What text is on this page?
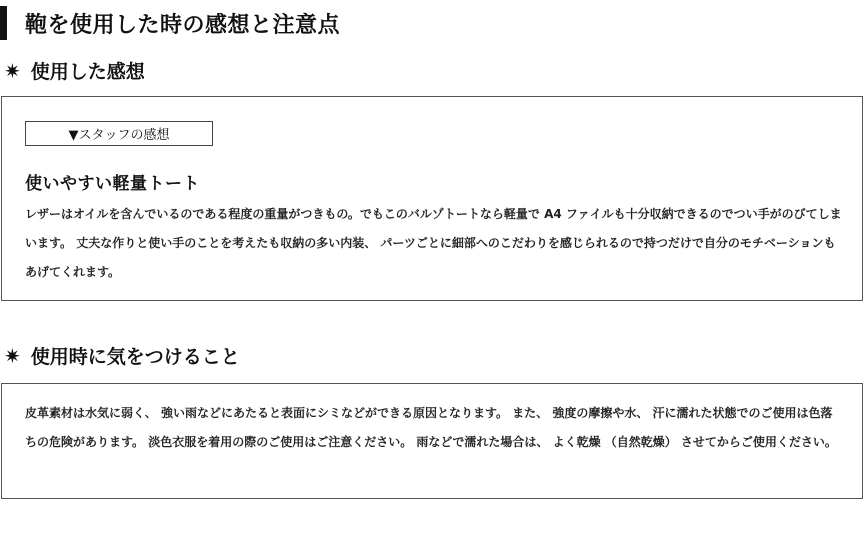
鞄を使用した時の感想と注意点
✷ 使用した感想
▼スタッフの感想
使いやすい軽量トート
レザーはオイルを含んでいるのである程度の重量がつきもの。でもこのバルゾトートなら軽量で A4 ファイルも十分収納できるのでつい手がのびてしまいます。 丈夫な作りと使い手のことを考えたも収納の多い内装、 パーツごとに細部へのこだわりを感じられるので持つだけで自分のモチベーションもあげてくれます。
✷ 使用時に気をつけること
皮革素材は水気に弱く、 強い雨などにあたると表面にシミなどができる原因となります。 また、 強度の摩擦や水、 汗に濡れた状態でのご使用は色落ちの危険があります。 淡色衣服を着用の際のご使用はご注意ください。 雨などで濡れた場合は、 よく乾燥 （自然乾燥） させてからご使用ください。
